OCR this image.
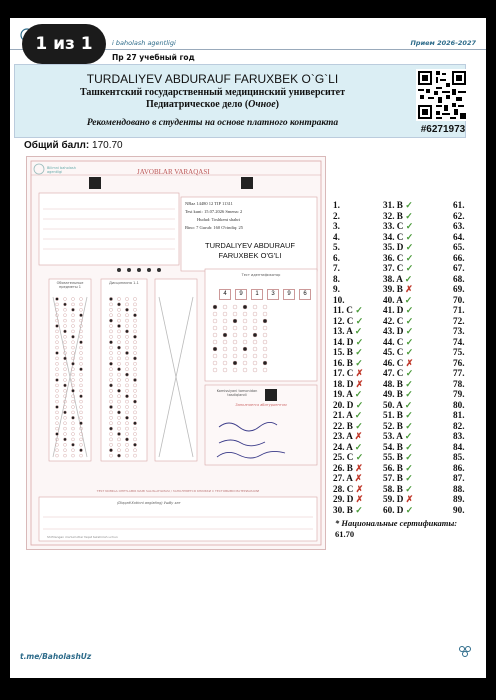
1 из 1	i baholash agentligi	Прием 2026-2027
Пр 27 учебный год
TURDALIYEV ABDURAUF FARUXBEK O`G`LI
Ташкентский государственный медицинский университет
Педиатрическое дело (Очное)
Рекомендовано в студенты на основе платного контракта
#6271973
Общий балл: 170.70
JAVOBLAR VARAQASI
Bilimni baholash agentligi
NBaz 14480 12 TIP 11311
Test kuni: 15.07.2026 Smena: 2
Hudud: Toshkent shahri
Bino: 7 Guruh: 160 O'rindiq: 25
TURDALIYEV ABDURAUF
FARUXBEK O'G'LI
Обязательные предметы 1
Дисциплина 1-1
Тест идентификатор
4	9	1	3	9	6
Komissiyani tomonidan tasdiqlandi
Заполняется абитуриентом
TEST NOMIGA OHETLAMIR NAMI SALISLATILMASI / ЗАПОЛНЯЕТСЯ КНИЖКИ С ТЕСТОВЫМИ МАТЕРИАЛАМИ
(Diqqat!Xotinni anglating) Ушбу хат
Shifrlangan ma'lumotlar faqat tekshirish uchun
1.	31. B ✓	61.
2.	32. B ✓	62.
3.	33. C ✓	63.
4.	34. C ✓	64.
5.	35. D ✓	65.
6.	36. C ✓	66.
7.	37. C ✓	67.
8.	38. A ✓	68.
9.	39. B ✗	69.
10.	40. A ✓	70.
11. C ✓	41. D ✓	71.
12. C ✓	42. C ✓	72.
13. A ✓	43. D ✓	73.
14. D ✓	44. C ✓	74.
15. B ✓	45. C ✓	75.
16. B ✓	46. C ✗	76.
17. C ✗	47. C ✓	77.
18. D ✗	48. B ✓	78.
19. A ✓	49. B ✓	79.
20. D ✓	50. A ✓	80.
21. A ✓	51. B ✓	81.
22. B ✓	52. B ✓	82.
23. A ✗	53. A ✓	83.
24. A ✓	54. B ✓	84.
25. C ✓	55. B ✓	85.
26. B ✗	56. B ✓	86.
27. A ✗	57. B ✓	87.
28. C ✗	58. B ✓	88.
29. D ✗	59. D ✗	89.
30. B ✓	60. D ✓	90.
* Национальные сертификаты:
61.70
t.me/BaholashUz
